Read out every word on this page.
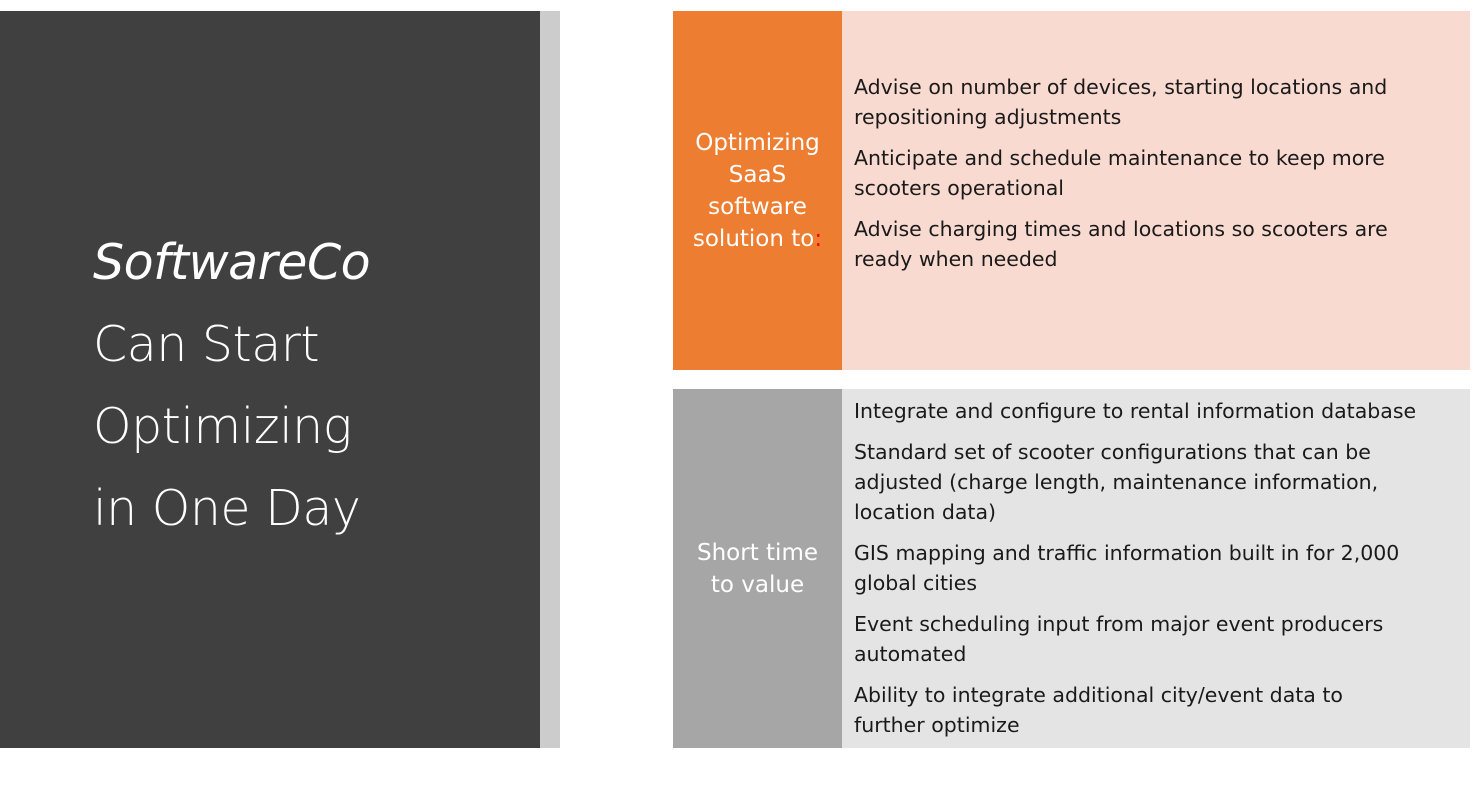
SoftwareCo
Can Start
Optimizing
in One Day
Optimizing
SaaS
software
solution to:
Advise on number of devices, starting locations and
repositioning adjustments
Anticipate and schedule maintenance to keep more
scooters operational
Advise charging times and locations so scooters are
ready when needed
Short time
to value
Integrate and configure to rental information database
Standard set of scooter configurations that can be
adjusted (charge length, maintenance information,
location data)
GIS mapping and traffic information built in for 2,000
global cities
Event scheduling input from major event producers
automated
Ability to integrate additional city/event data to
further optimize
